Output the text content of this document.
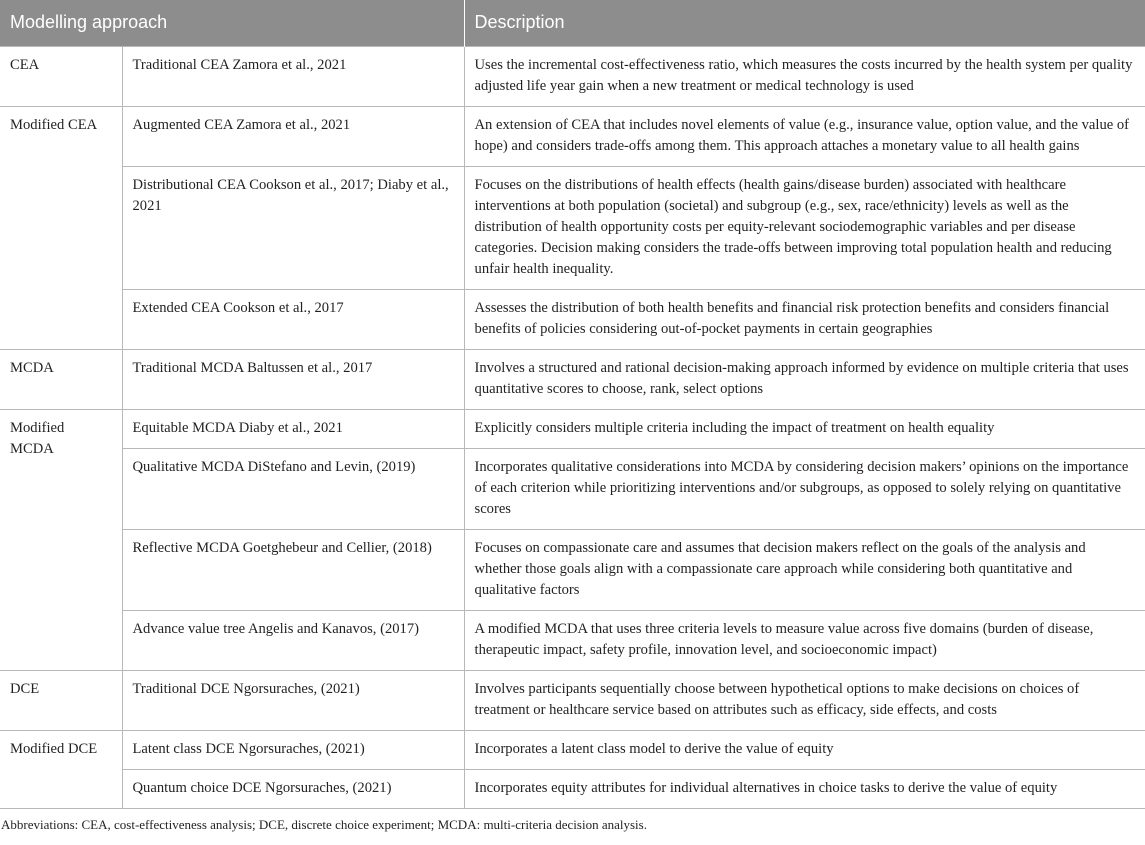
Modelling approach		Description
CEA	Traditional CEA Zamora et al., 2021	Uses the incremental cost-effectiveness ratio, which measures the costs incurred by the health system per quality adjusted life year gain when a new treatment or medical technology is used
Modified CEA	Augmented CEA Zamora et al., 2021	An extension of CEA that includes novel elements of value (e.g., insurance value, option value, and the value of hope) and considers trade-offs among them. This approach attaches a monetary value to all health gains
	Distributional CEA Cookson et al., 2017; Diaby et al., 2021	Focuses on the distributions of health effects (health gains/disease burden) associated with healthcare interventions at both population (societal) and subgroup (e.g., sex, race/ethnicity) levels as well as the distribution of health opportunity costs per equity-relevant sociodemographic variables and per disease categories. Decision making considers the trade-offs between improving total population health and reducing unfair health inequality.
	Extended CEA Cookson et al., 2017	Assesses the distribution of both health benefits and financial risk protection benefits and considers financial benefits of policies considering out-of-pocket payments in certain geographies
MCDA	Traditional MCDA Baltussen et al., 2017	Involves a structured and rational decision-making approach informed by evidence on multiple criteria that uses quantitative scores to choose, rank, select options
Modified MCDA	Equitable MCDA Diaby et al., 2021	Explicitly considers multiple criteria including the impact of treatment on health equality
	Qualitative MCDA DiStefano and Levin, (2019)	Incorporates qualitative considerations into MCDA by considering decision makers’ opinions on the importance of each criterion while prioritizing interventions and/or subgroups, as opposed to solely relying on quantitative scores
	Reflective MCDA Goetghebeur and Cellier, (2018)	Focuses on compassionate care and assumes that decision makers reflect on the goals of the analysis and whether those goals align with a compassionate care approach while considering both quantitative and qualitative factors
	Advance value tree Angelis and Kanavos, (2017)	A modified MCDA that uses three criteria levels to measure value across five domains (burden of disease, therapeutic impact, safety profile, innovation level, and socioeconomic impact)
DCE	Traditional DCE Ngorsuraches, (2021)	Involves participants sequentially choose between hypothetical options to make decisions on choices of treatment or healthcare service based on attributes such as efficacy, side effects, and costs
Modified DCE	Latent class DCE Ngorsuraches, (2021)	Incorporates a latent class model to derive the value of equity
	Quantum choice DCE Ngorsuraches, (2021)	Incorporates equity attributes for individual alternatives in choice tasks to derive the value of equity
Abbreviations: CEA, cost-effectiveness analysis; DCE, discrete choice experiment; MCDA: multi-criteria decision analysis.
